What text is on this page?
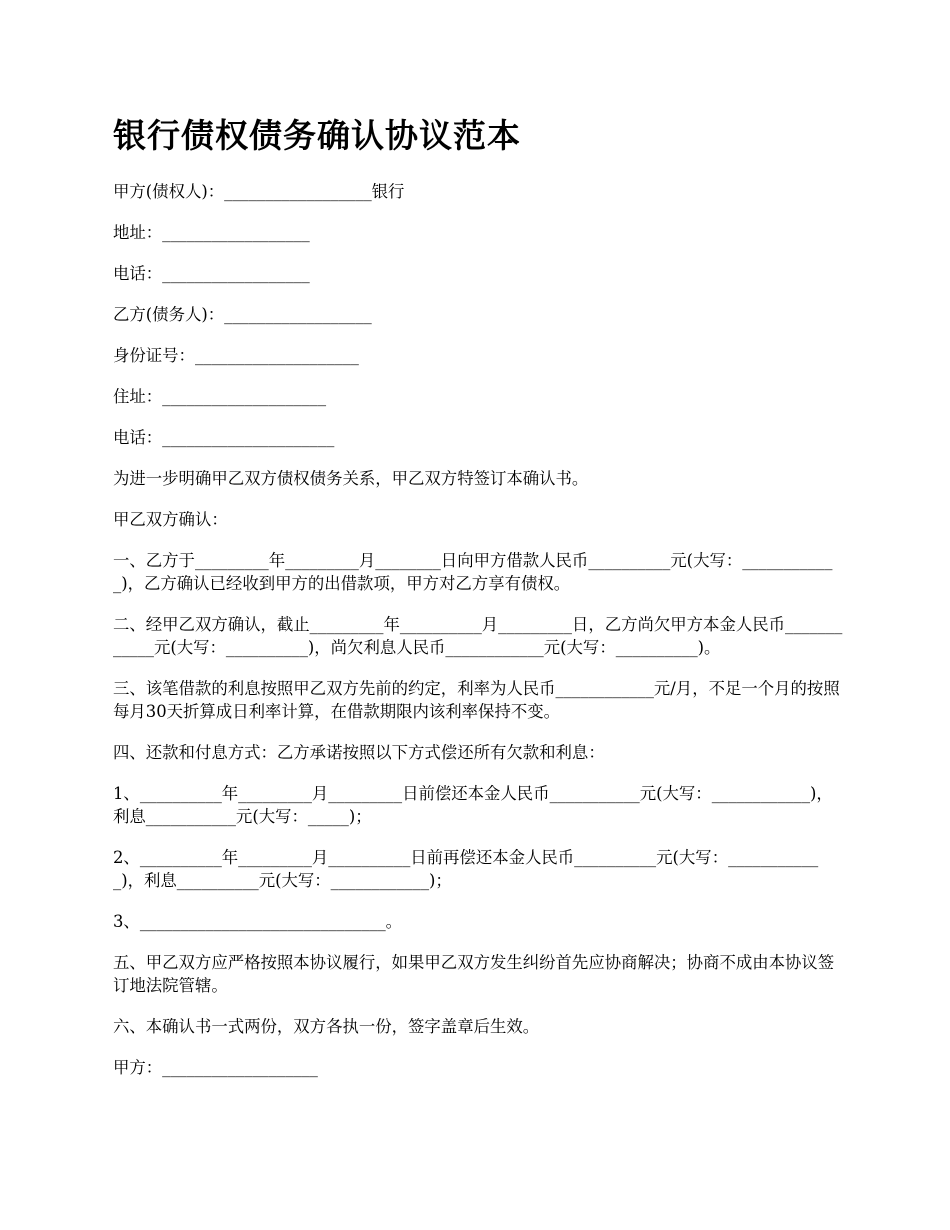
银行债权债务确认协议范本

甲方(债权人)：__________________银行

地址：__________________

电话：__________________

乙方(债务人)：__________________

身份证号：____________________

住址：____________________

电话：_____________________

为进一步明确甲乙双方债权债务关系，甲乙双方特签订本确认书。

甲乙双方确认：

一、乙方于_________年_________月________日向甲方借款人民币__________元(大写：____________)，乙方确认已经收到甲方的出借款项，甲方对乙方享有债权。

二、经甲乙双方确认，截止_________年__________月_________日，乙方尚欠甲方本金人民币____________元(大写：__________)，尚欠利息人民币____________元(大写：__________)。

三、该笔借款的利息按照甲乙双方先前的约定，利率为人民币____________元/月，不足一个月的按照每月30天折算成日利率计算，在借款期限内该利率保持不变。

四、还款和付息方式：乙方承诺按照以下方式偿还所有欠款和利息：

1、__________年_________月_________日前偿还本金人民币___________元(大写：____________)，利息___________元(大写：_____)；

2、__________年_________月__________日前再偿还本金人民币__________元(大写：____________)，利息__________元(大写：____________)；

3、______________________________。

五、甲乙双方应严格按照本协议履行，如果甲乙双方发生纠纷首先应协商解决；协商不成由本协议签订地法院管辖。

六、本确认书一式两份，双方各执一份，签字盖章后生效。

甲方：___________________
